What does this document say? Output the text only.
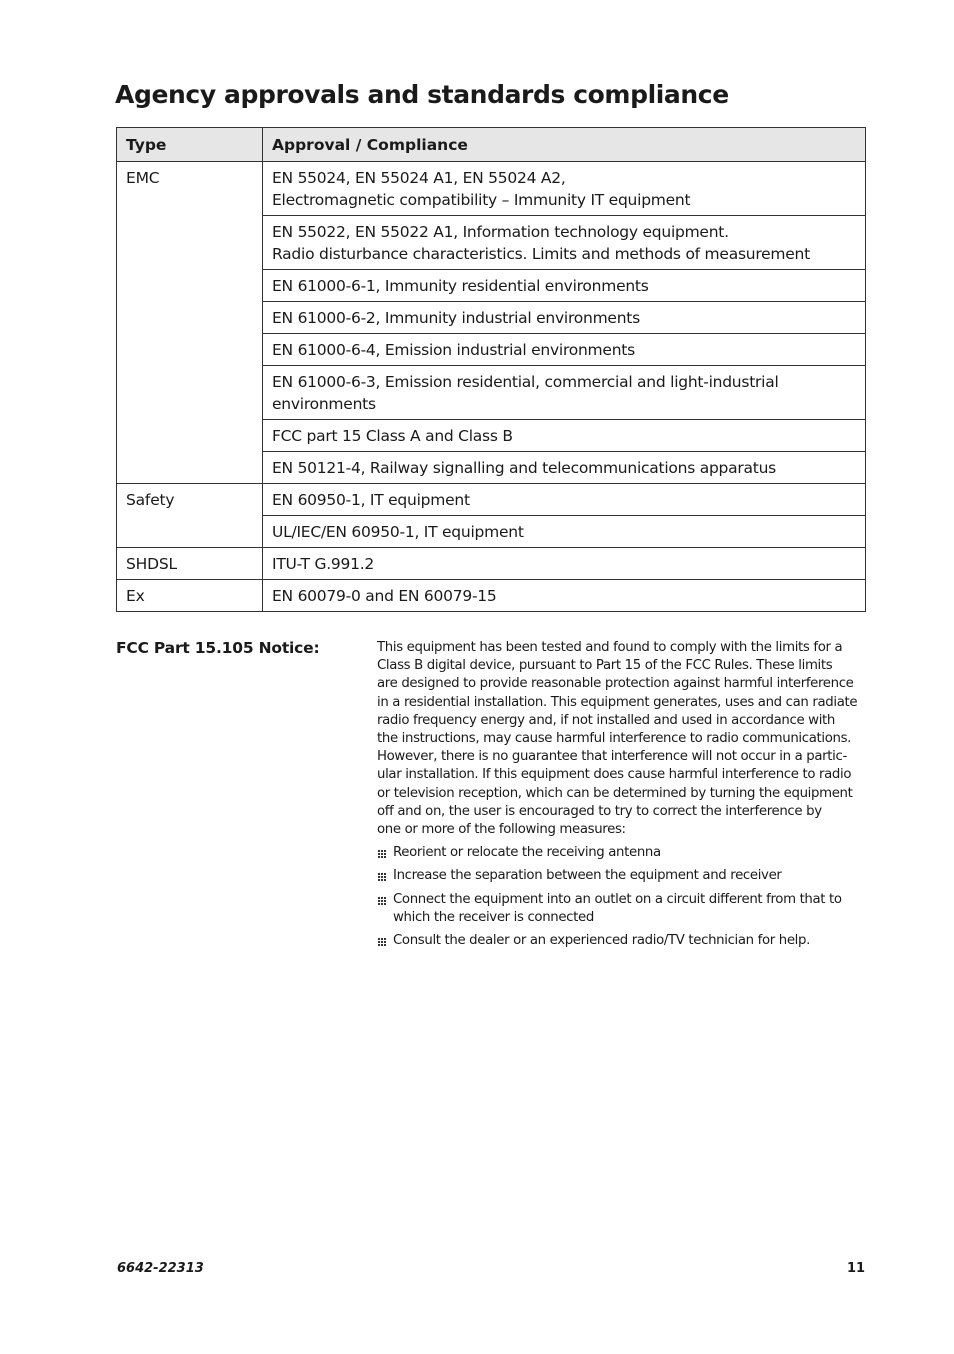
Agency approvals and standards compliance
Type	Approval / Compliance
EMC	EN 55024, EN 55024 A1, EN 55024 A2,
Electromagnetic compatibility – Immunity IT equipment
	EN 55022, EN 55022 A1, Information technology equipment.
Radio disturbance characteristics. Limits and methods of measurement
	EN 61000-6-1, Immunity residential environments
	EN 61000-6-2, Immunity industrial environments
	EN 61000-6-4, Emission industrial environments
	EN 61000-6-3, Emission residential, commercial and light-industrial
environments
	FCC part 15 Class A and Class B
	EN 50121-4, Railway signalling and telecommunications apparatus
Safety	EN 60950-1, IT equipment
	UL/IEC/EN 60950-1, IT equipment
SHDSL	ITU-T G.991.2
Ex	EN 60079-0 and EN 60079-15
FCC Part 15.105 Notice:	This equipment has been tested and found to comply with the limits for a
Class B digital device, pursuant to Part 15 of the FCC Rules. These limits
are designed to provide reasonable protection against harmful interference
in a residential installation. This equipment generates, uses and can radiate
radio frequency energy and, if not installed and used in accordance with
the instructions, may cause harmful interference to radio communications.
However, there is no guarantee that interference will not occur in a partic-
ular installation. If this equipment does cause harmful interference to radio
or television reception, which can be determined by turning the equipment
off and on, the user is encouraged to try to correct the interference by
one or more of the following measures:

Reorient or relocate the receiving antenna
Increase the separation between the equipment and receiver
Connect the equipment into an outlet on a circuit different from that to
which the receiver is connected
Consult the dealer or an experienced radio/TV technician for help.
6642-22313	11
